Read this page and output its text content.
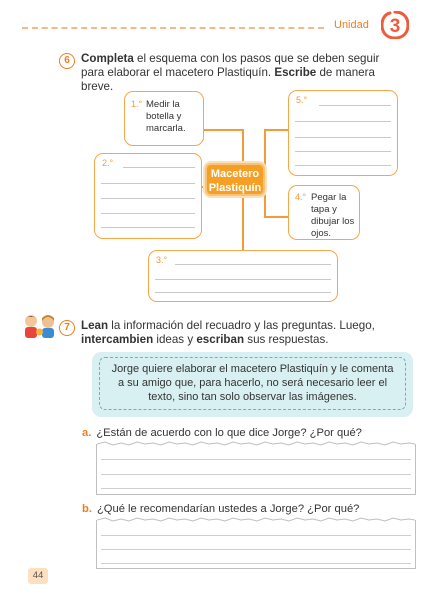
Unidad 3
6 Completa el esquema con los pasos que se deben seguir para elaborar el macetero Plastiquín. Escribe de manera breve.
1.° Medir la botella y marcarla.
5.°
2.°
Macetero
Plastiquín
4.° Pegar la tapa y dibujar los ojos.
3.°
7 Lean la información del recuadro y las preguntas. Luego, intercambien ideas y escriban sus respuestas.
Jorge quiere elaborar el macetero Plastiquín y le comenta a su amigo que, para hacerlo, no será necesario leer el texto, sino tan solo observar las imágenes.
a. ¿Están de acuerdo con lo que dice Jorge? ¿Por qué?
b. ¿Qué le recomendarían ustedes a Jorge? ¿Por qué?
44
